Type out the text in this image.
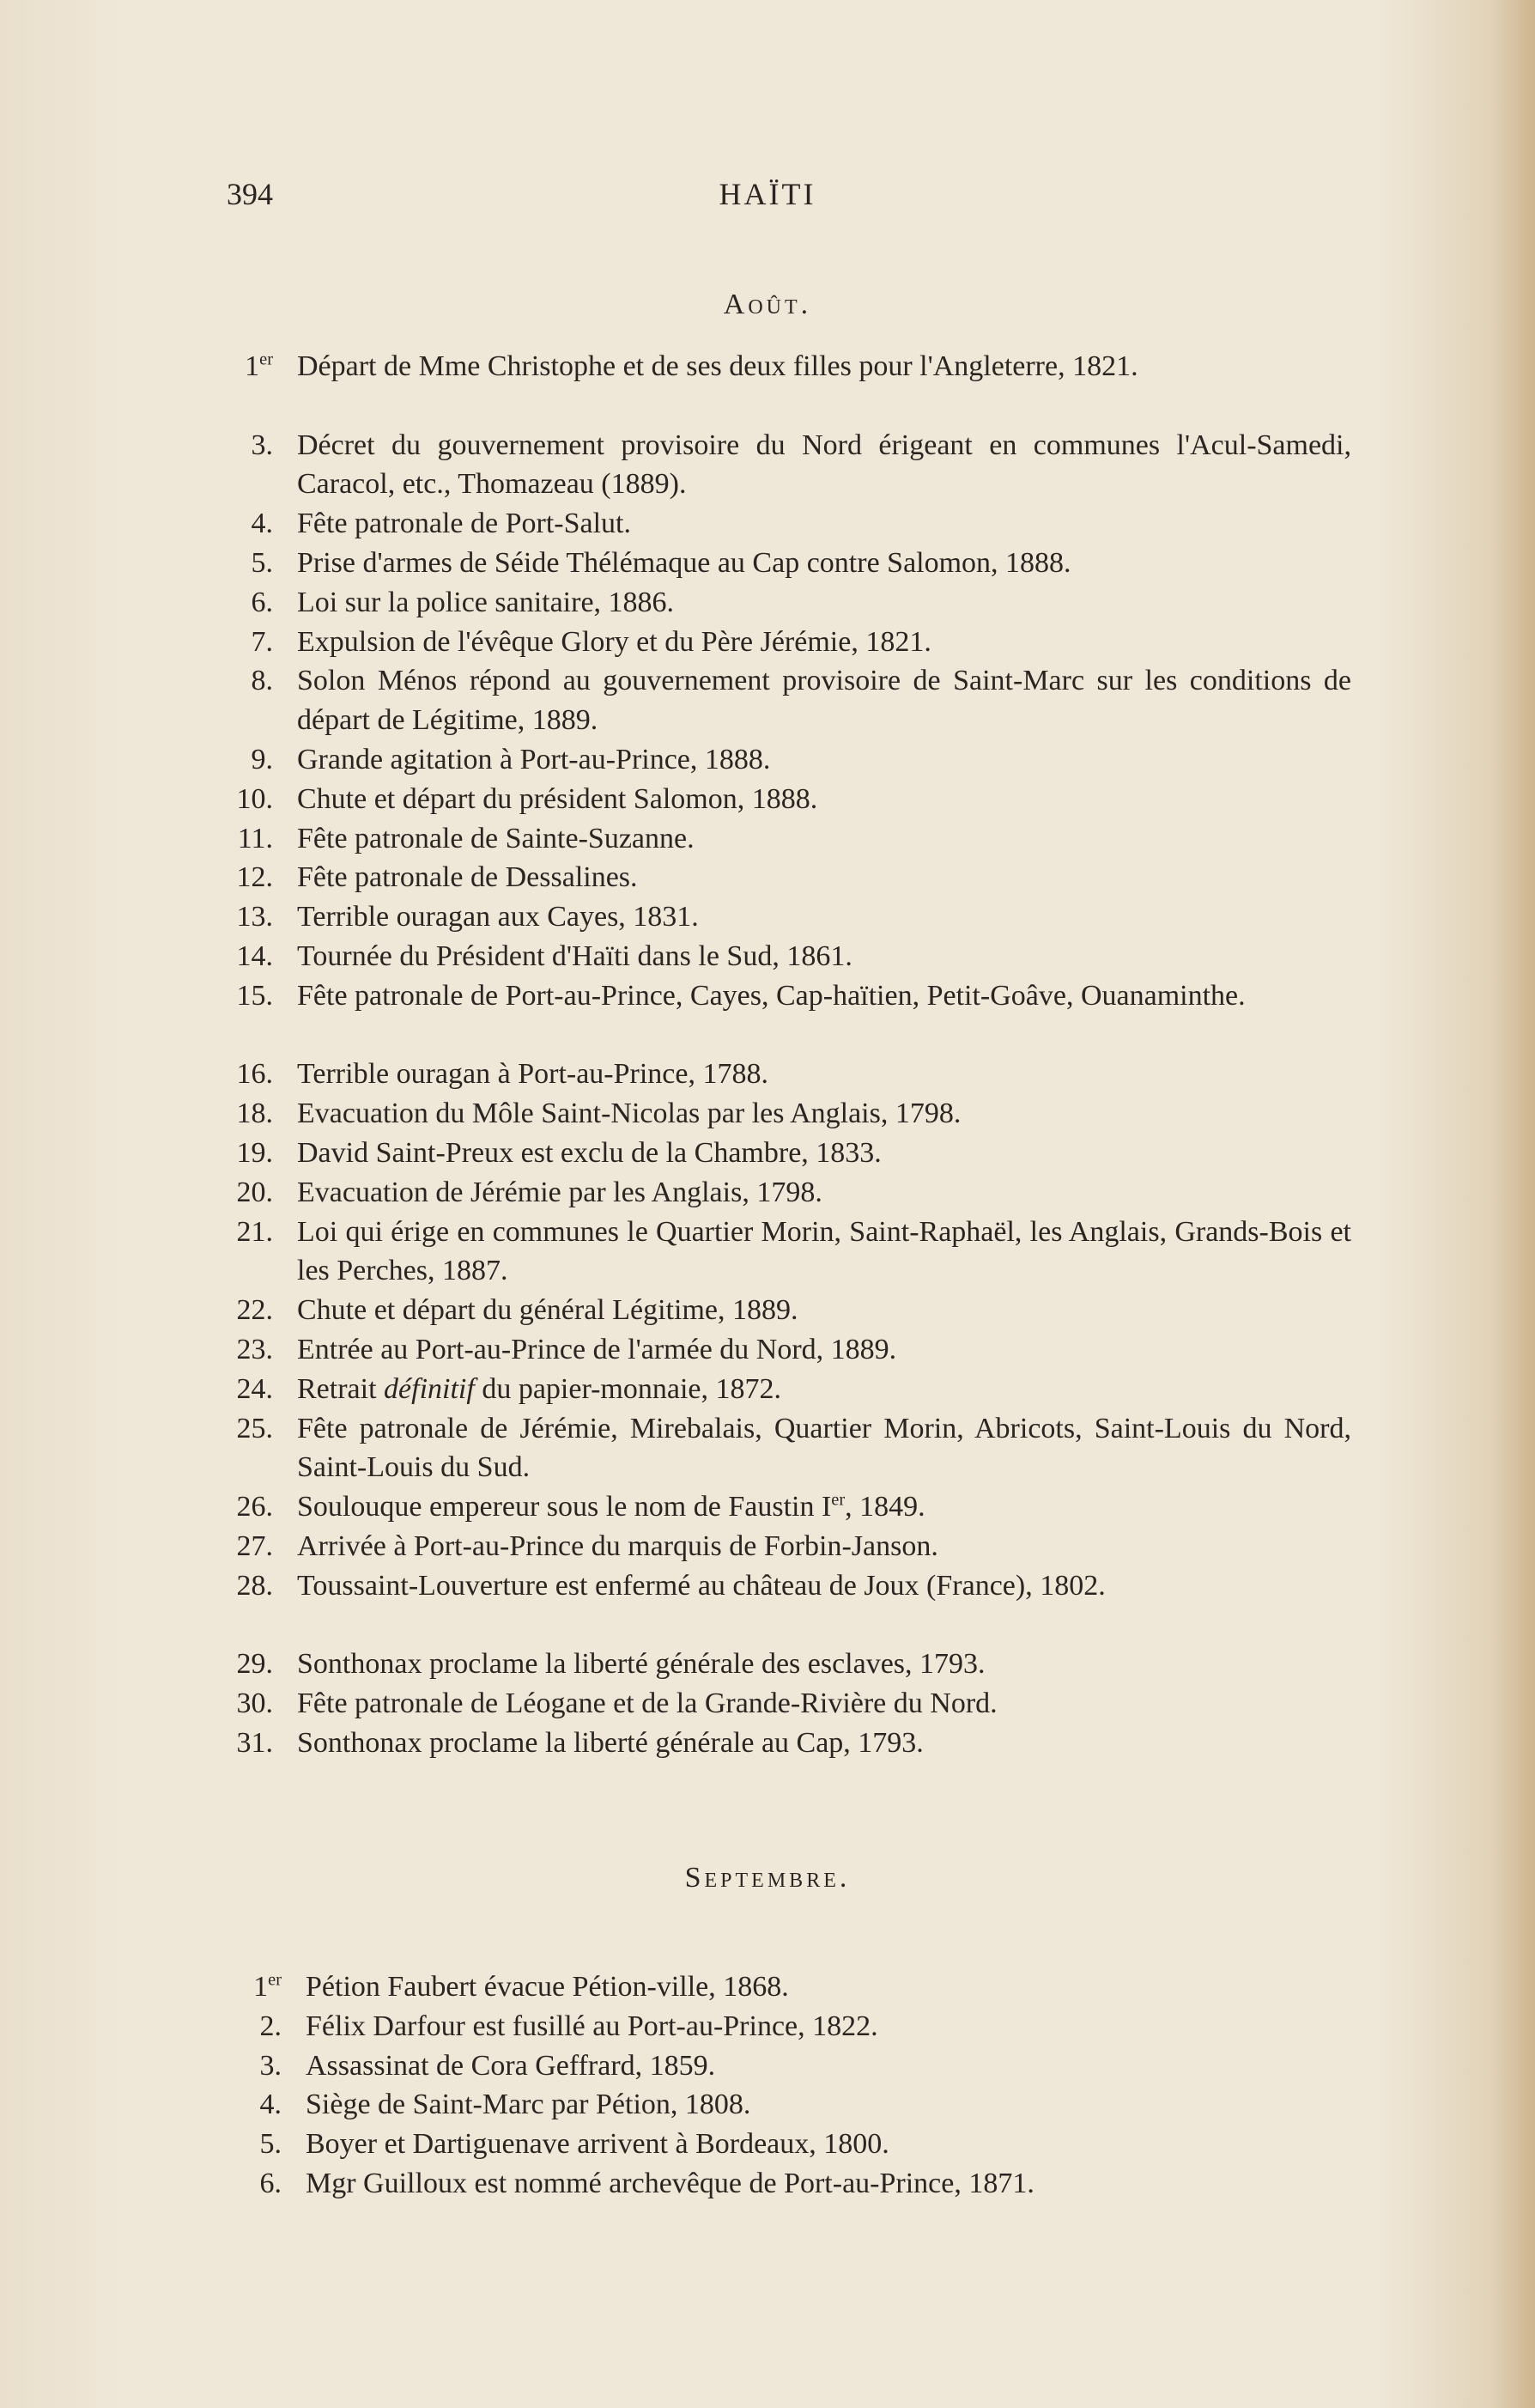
394	HAÏTI
Août.
1er Départ de Mme Christophe et de ses deux filles pour l'Angleterre, 1821.
3. Décret du gouvernement provisoire du Nord érigeant en communes l'Acul-Samedi, Caracol, etc., Thomazeau (1889).
4. Fête patronale de Port-Salut.
5. Prise d'armes de Séide Thélémaque au Cap contre Salomon, 1888.
6. Loi sur la police sanitaire, 1886.
7. Expulsion de l'évêque Glory et du Père Jérémie, 1821.
8. Solon Ménos répond au gouvernement provisoire de Saint-Marc sur les conditions de départ de Légitime, 1889.
9. Grande agitation à Port-au-Prince, 1888.
10. Chute et départ du président Salomon, 1888.
11. Fête patronale de Sainte-Suzanne.
12. Fête patronale de Dessalines.
13. Terrible ouragan aux Cayes, 1831.
14. Tournée du Président d'Haïti dans le Sud, 1861.
15. Fête patronale de Port-au-Prince, Cayes, Cap-haïtien, Petit-Goâve, Ouanaminthe.
16. Terrible ouragan à Port-au-Prince, 1788.
18. Evacuation du Môle Saint-Nicolas par les Anglais, 1798.
19. David Saint-Preux est exclu de la Chambre, 1833.
20. Evacuation de Jérémie par les Anglais, 1798.
21. Loi qui érige en communes le Quartier Morin, Saint-Raphaël, les Anglais, Grands-Bois et les Perches, 1887.
22. Chute et départ du général Légitime, 1889.
23. Entrée au Port-au-Prince de l'armée du Nord, 1889.
24. Retrait définitif du papier-monnaie, 1872.
25. Fête patronale de Jérémie, Mirebalais, Quartier Morin, Abricots, Saint-Louis du Nord, Saint-Louis du Sud.
26. Soulouque empereur sous le nom de Faustin Ier, 1849.
27. Arrivée à Port-au-Prince du marquis de Forbin-Janson.
28. Toussaint-Louverture est enfermé au château de Joux (France), 1802.
29. Sonthonax proclame la liberté générale des esclaves, 1793.
30. Fête patronale de Léogane et de la Grande-Rivière du Nord.
31. Sonthonax proclame la liberté générale au Cap, 1793.
Septembre.
1er Pétion Faubert évacue Pétion-ville, 1868.
2. Félix Darfour est fusillé au Port-au-Prince, 1822.
3. Assassinat de Cora Geffrard, 1859.
4. Siège de Saint-Marc par Pétion, 1808.
5. Boyer et Dartiguenave arrivent à Bordeaux, 1800.
6. Mgr Guilloux est nommé archevêque de Port-au-Prince, 1871.
